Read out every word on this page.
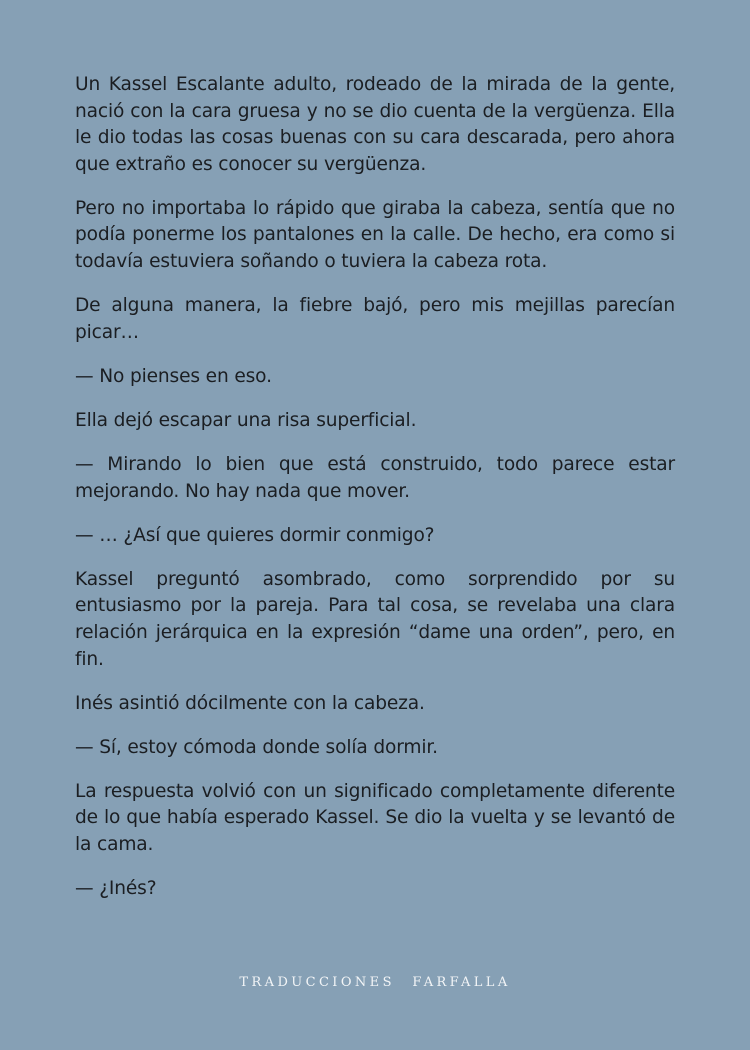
Un Kassel Escalante adulto, rodeado de la mirada de la gente, nació con la cara gruesa y no se dio cuenta de la vergüenza. Ella le dio todas las cosas buenas con su cara descarada, pero ahora que extraño es conocer su vergüenza.

Pero no importaba lo rápido que giraba la cabeza, sentía que no podía ponerme los pantalones en la calle. De hecho, era como si todavía estuviera soñando o tuviera la cabeza rota.

De alguna manera, la fiebre bajó, pero mis mejillas parecían picar…

— No pienses en eso.

Ella dejó escapar una risa superficial.

— Mirando lo bien que está construido, todo parece estar mejorando. No hay nada que mover.

— … ¿Así que quieres dormir conmigo?

Kassel preguntó asombrado, como sorprendido por su entusiasmo por la pareja. Para tal cosa, se revelaba una clara relación jerárquica en la expresión “dame una orden”, pero, en fin.

Inés asintió dócilmente con la cabeza.

— Sí, estoy cómoda donde solía dormir.

La respuesta volvió con un significado completamente diferente de lo que había esperado Kassel. Se dio la vuelta y se levantó de la cama.

— ¿Inés?

TRADUCCIONES FARFALLA
